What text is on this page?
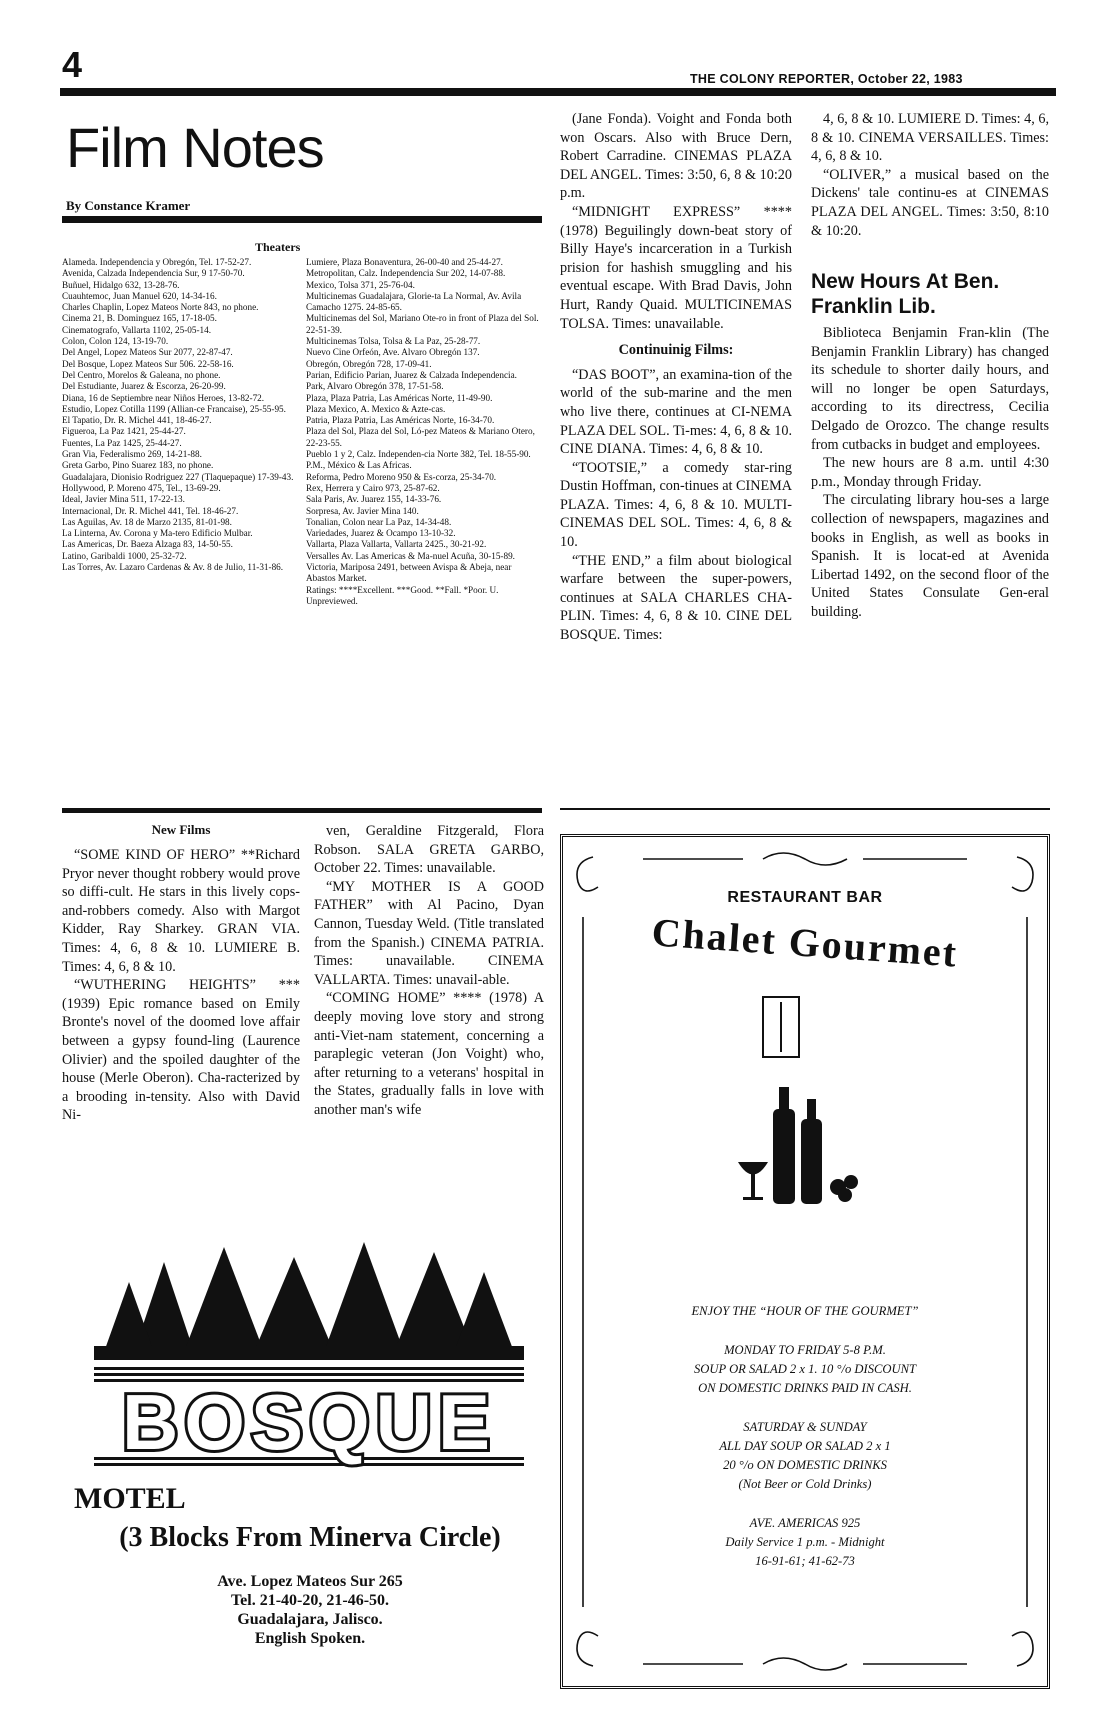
4	THE COLONY REPORTER, October 22, 1983
Film Notes
By Constance Kramer
Theaters

Alameda. Independencia y Obregón, Tel. 17-52-27.

Avenida, Calzada Independencia Sur, 9 17-50-70.

Buñuel, Hidalgo 632, 13-28-76.

Cuauhtemoc, Juan Manuel 620, 14-34-16.

Charles Chaplin, Lopez Mateos Norte 843, no phone.

Cinema 21, B. Dominguez 165, 17-18-05.

Cinematografo, Vallarta 1102, 25-05-14.

Colon, Colon 124, 13-19-70.

Del Angel, Lopez Mateos Sur 2077, 22-87-47.

Del Bosque, Lopez Mateos Sur 506. 22-58-16.

Del Centro, Morelos & Galeana, no phone.

Del Estudiante, Juarez & Escorza, 26-20-99.

Diana, 16 de Septiembre near Niños Heroes, 13-82-72.

Estudio, Lopez Cotilla 1199 (Allian-ce Francaise), 25-55-95.

El Tapatio, Dr. R. Michel 441, 18-46-27.

Figueroa, La Paz 1421, 25-44-27.

Fuentes, La Paz 1425, 25-44-27.

Gran Via, Federalismo 269, 14-21-88.

Greta Garbo, Pino Suarez 183, no phone.

Guadalajara, Dionisio Rodriguez 227 (Tlaquepaque) 17-39-43.

Hollywood, P. Moreno 475, Tel., 13-69-29.

Ideal, Javier Mina 511, 17-22-13.

Internacional, Dr. R. Michel 441, Tel. 18-46-27.

Las Aguilas, Av. 18 de Marzo 2135, 81-01-98.

La Linterna, Av. Corona y Ma-tero Edificio Mulbar.

Las Americas, Dr. Baeza Alzaga 83, 14-50-55.

Latino, Garibaldi 1000, 25-32-72.

Las Torres, Av. Lazaro Cardenas & Av. 8 de Julio, 11-31-86.

Lumiere, Plaza Bonaventura, 26-00-40 and 25-44-27.

Metropolitan, Calz. Independencia Sur 202, 14-07-88.

Mexico, Tolsa 371, 25-76-04.

Multicinemas Guadalajara, Glorie-ta La Normal, Av. Avila Camacho 1275. 24-85-65.

Multicinemas del Sol, Mariano Ote-ro in front of Plaza del Sol. 22-51-39.

Multicinemas Tolsa, Tolsa & La Paz, 25-28-77.

Nuevo Cine Orfeón, Ave. Alvaro Obregón 137.

Obregón, Obregón 728, 17-09-41.

Parian, Edificio Parian, Juarez & Calzada Independencia.

Park, Alvaro Obregón 378, 17-51-58.

Plaza, Plaza Patria, Las Américas Norte, 11-49-90.

Plaza Mexico, A. Mexico & Azte-cas.

Patria, Plaza Patria, Las Américas Norte, 16-34-70.

Plaza del Sol, Plaza del Sol, Ló-pez Mateos & Mariano Otero, 22-23-55.

Pueblo 1 y 2, Calz. Independen-cia Norte 382, Tel. 18-55-90.

P.M., México & Las Africas.

Reforma, Pedro Moreno 950 & Es-corza, 25-34-70.

Rex, Herrera y Cairo 973, 25-87-62.

Sala Paris, Av. Juarez 155, 14-33-76.

Sorpresa, Av. Javier Mina 140.

Tonalian, Colon near La Paz, 14-34-48.

Variedades, Juarez & Ocampo 13-10-32.

Vallarta, Plaza Vallarta, Vallarta 2425., 30-21-92.

Versalles Av. Las Americas & Ma-nuel Acuña, 30-15-89.

Victoria, Mariposa 2491, between Avispa & Abeja, near Abastos Market.

Ratings: ****Excellent. ***Good. **Fall. *Poor. U. Unpreviewed.

(Jane Fonda). Voight and Fonda both won Oscars. Also with Bruce Dern, Robert Carradine. CINEMAS PLAZA DEL ANGEL. Times: 3:50, 6, 8 & 10:20 p.m.

“MIDNIGHT EXPRESS” **** (1978) Beguilingly down-beat story of Billy Haye's incarceration in a Turkish prision for hashish smuggling and his eventual escape. With Brad Davis, John Hurt, Randy Quaid. MULTICINEMAS TOLSA. Times: unavailable.

Continuinig Films:

“DAS BOOT”, an examina-tion of the world of the sub-marine and the men who live there, continues at CI-NEMA PLAZA DEL SOL. Ti-mes: 4, 6, 8 & 10. CINE DIANA. Times: 4, 6, 8 & 10.

“TOOTSIE,” a comedy star-ring Dustin Hoffman, con-tinues at CINEMA PLAZA. Times: 4, 6, 8 & 10. MULTI-CINEMAS DEL SOL. Times: 4, 6, 8 & 10.

“THE END,” a film about biological warfare between the super-powers, continues at SALA CHARLES CHA-PLIN. Times: 4, 6, 8 & 10. CINE DEL BOSQUE. Times:

4, 6, 8 & 10. LUMIERE D. Times: 4, 6, 8 & 10. CINEMA VERSAILLES. Times: 4, 6, 8 & 10.

“OLIVER,” a musical based on the Dickens' tale continu-es at CINEMAS PLAZA DEL ANGEL. Times: 3:50, 8:10 & 10:20.

New Hours At Ben. Franklin Lib.

Biblioteca Benjamin Fran-klin (The Benjamin Franklin Library) has changed its schedule to shorter daily hours, and will no longer be open Saturdays, according to its directress, Cecilia Delgado de Orozco. The change results from cutbacks in budget and employees.

The new hours are 8 a.m. until 4:30 p.m., Monday through Friday.

The circulating library hou-ses a large collection of newspapers, magazines and books in English, as well as books in Spanish. It is locat-ed at Avenida Libertad 1492, on the second floor of the United States Consulate Gen-eral building.

New Films

“SOME KIND OF HERO” **Richard Pryor never thought robbery would prove so diffi-cult. He stars in this lively cops-and-robbers comedy. Also with Margot Kidder, Ray Sharkey. GRAN VIA. Times: 4, 6, 8 & 10. LUMIERE B. Times: 4, 6, 8 & 10.

“WUTHERING HEIGHTS” *** (1939) Epic romance based on Emily Bronte's novel of the doomed love affair between a gypsy found-ling (Laurence Olivier) and the spoiled daughter of the house (Merle Oberon). Cha-racterized by a brooding in-tensity. Also with David Ni-

ven, Geraldine Fitzgerald, Flora Robson. SALA GRETA GARBO, October 22. Times: unavailable.

“MY MOTHER IS A GOOD FATHER” with Al Pacino, Dyan Cannon, Tuesday Weld. (Title translated from the Spanish.) CINEMA PATRIA. Times: unavailable. CINEMA VALLARTA. Times: unavail-able.

“COMING HOME” **** (1978) A deeply moving love story and strong anti-Viet-nam statement, concerning a paraplegic veteran (Jon Voight) who, after returning to a veterans' hospital in the States, gradually falls in love with another man's wife

BOSQUE
MOTEL
(3 Blocks From Minerva Circle)

Ave. Lopez Mateos Sur 265

Tel. 21-40-20, 21-46-50.

Guadalajara, Jalisco.

English Spoken.

RESTAURANT BAR
Chalet Gourmet

ENJOY THE “HOUR OF THE GOURMET”

MONDAY TO FRIDAY 5-8 P.M.

SOUP OR SALAD 2 x 1. 10 °/o DISCOUNT

ON DOMESTIC DRINKS PAID IN CASH.

SATURDAY & SUNDAY

ALL DAY SOUP OR SALAD 2 x 1

20 °/o ON DOMESTIC DRINKS

(Not Beer or Cold Drinks)

AVE. AMERICAS 925

Daily Service 1 p.m. - Midnight

16-91-61; 41-62-73
